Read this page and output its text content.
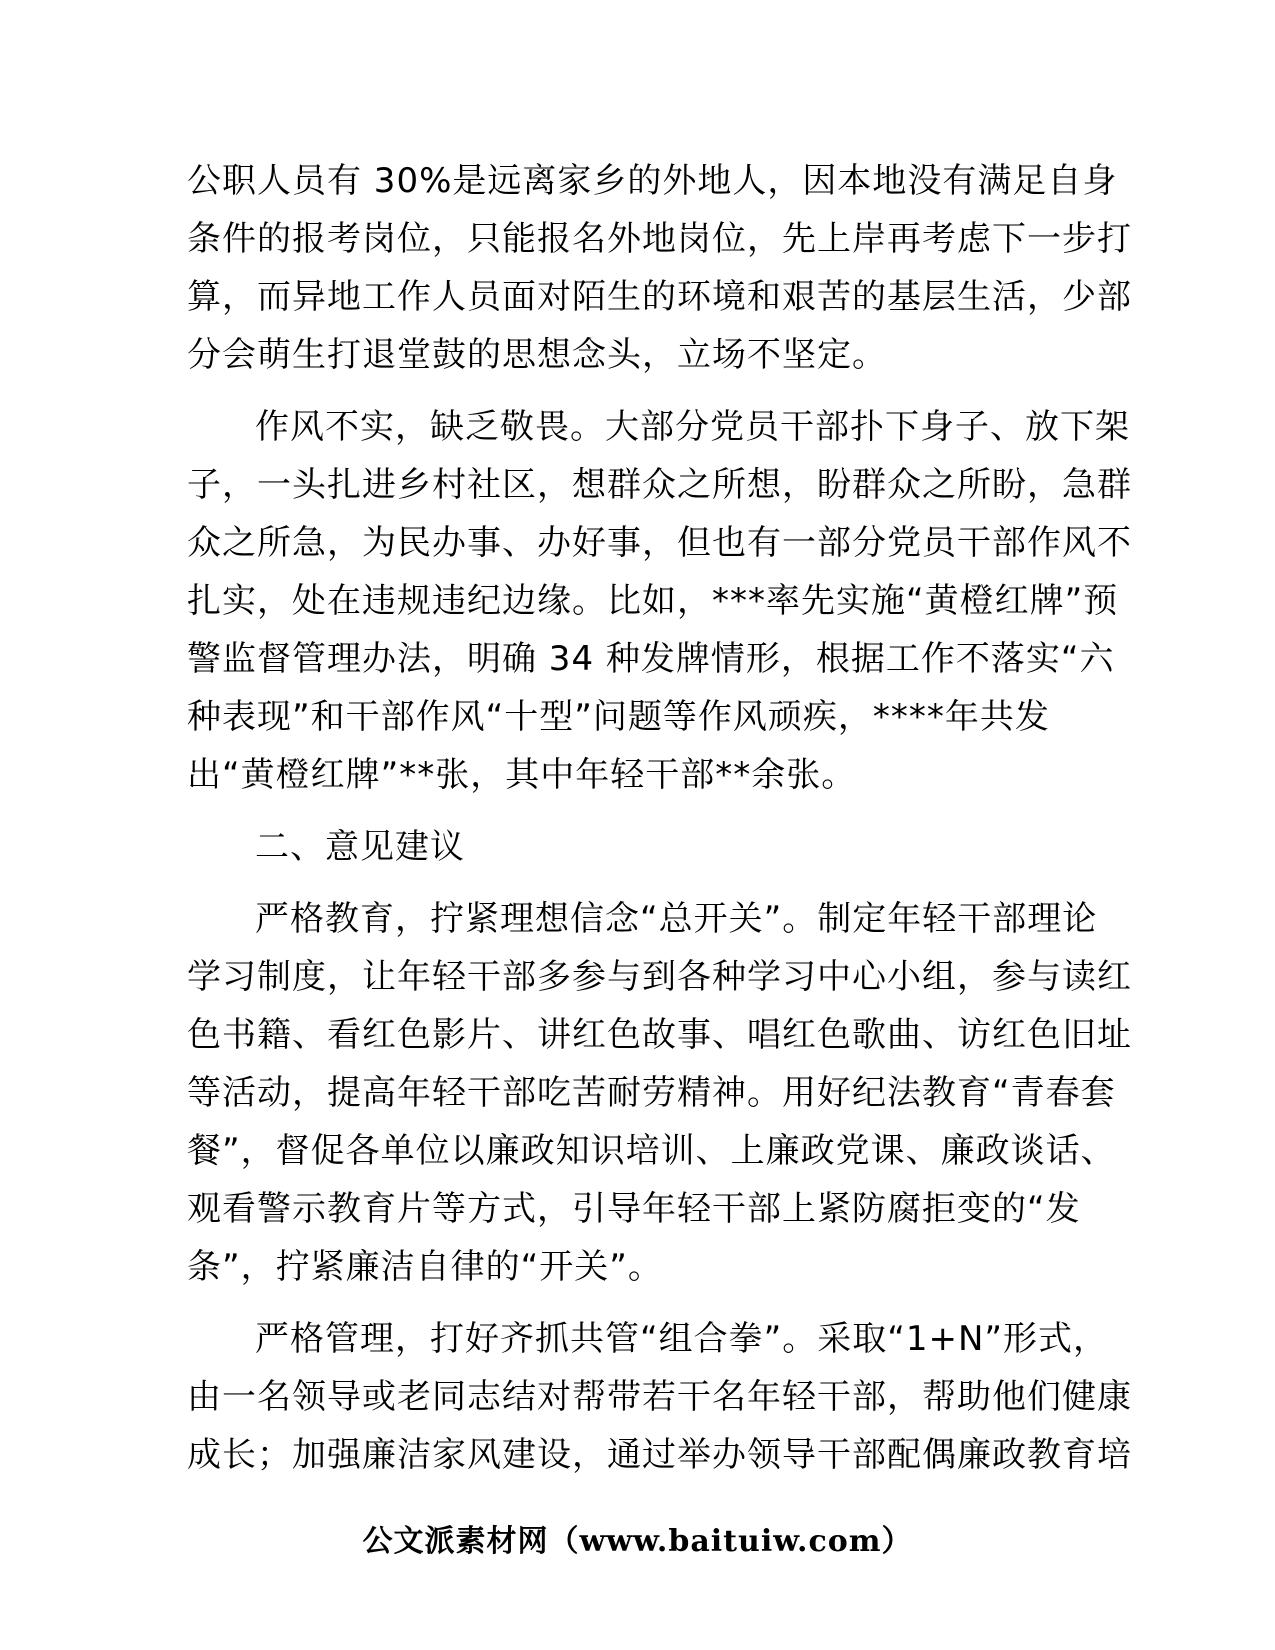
公职人员有 30%是远离家乡的外地人，因本地没有满足自身
条件的报考岗位，只能报名外地岗位，先上岸再考虑下一步打
算，而异地工作人员面对陌生的环境和艰苦的基层生活，少部
分会萌生打退堂鼓的思想念头，立场不坚定。
作风不实，缺乏敬畏。大部分党员干部扑下身子、放下架
子，一头扎进乡村社区，想群众之所想，盼群众之所盼，急群
众之所急，为民办事、办好事，但也有一部分党员干部作风不
扎实，处在违规违纪边缘。比如，***率先实施“黄橙红牌”预
警监督管理办法，明确 34 种发牌情形，根据工作不落实“六
种表现”和干部作风“十型”问题等作风顽疾，****年共发
出“黄橙红牌”**张，其中年轻干部**余张。
二、意见建议
严格教育，拧紧理想信念“总开关”。制定年轻干部理论
学习制度，让年轻干部多参与到各种学习中心小组，参与读红
色书籍、看红色影片、讲红色故事、唱红色歌曲、访红色旧址
等活动，提高年轻干部吃苦耐劳精神。用好纪法教育“青春套
餐”，督促各单位以廉政知识培训、上廉政党课、廉政谈话、
观看警示教育片等方式，引导年轻干部上紧防腐拒变的“发
条”，拧紧廉洁自律的“开关”。
严格管理，打好齐抓共管“组合拳”。采取“1+N”形式，
由一名领导或老同志结对帮带若干名年轻干部，帮助他们健康
成长；加强廉洁家风建设，通过举办领导干部配偶廉政教育培
公文派素材网（www.baituiw.com）
